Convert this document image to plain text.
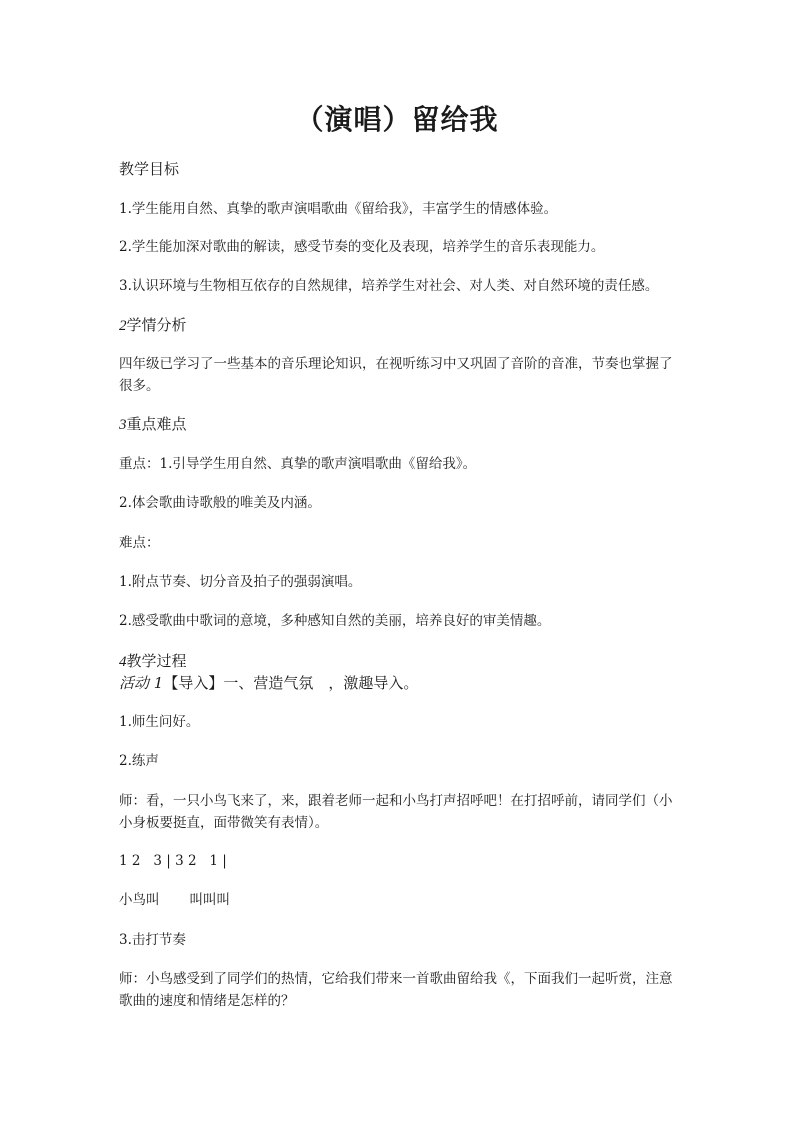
（演唱）留给我
教学目标
1.学生能用自然、真挚的歌声演唱歌曲《留给我》，丰富学生的情感体验。
2.学生能加深对歌曲的解读，感受节奏的变化及表现，培养学生的音乐表现能力。
3.认识环境与生物相互依存的自然规律，培养学生对社会、对人类、对自然环境的责任感。
2学情分析
四年级已学习了一些基本的音乐理论知识，在视听练习中又巩固了音阶的音准，节奏也掌握了很多。
3重点难点
重点：1.引导学生用自然、真挚的歌声演唱歌曲《留给我》。
2.体会歌曲诗歌般的唯美及内涵。
难点：
1.附点节奏、切分音及拍子的强弱演唱。
2.感受歌曲中歌词的意境，多种感知自然的美丽，培养良好的审美情趣。
4教学过程
活动 1【导入】一、营造气氛　，激趣导入。
1.师生问好。
2.练声
师：看，一只小鸟飞来了，来，跟着老师一起和小鸟打声招呼吧！在打招呼前，请同学们（小小身板要挺直，面带微笑有表情）。
1 2   3 | 3 2   1 |
小鸟叫       叫叫叫
3.击打节奏
师：小鸟感受到了同学们的热情，它给我们带来一首歌曲留给我《，下面我们一起听赏，注意歌曲的速度和情绪是怎样的？
